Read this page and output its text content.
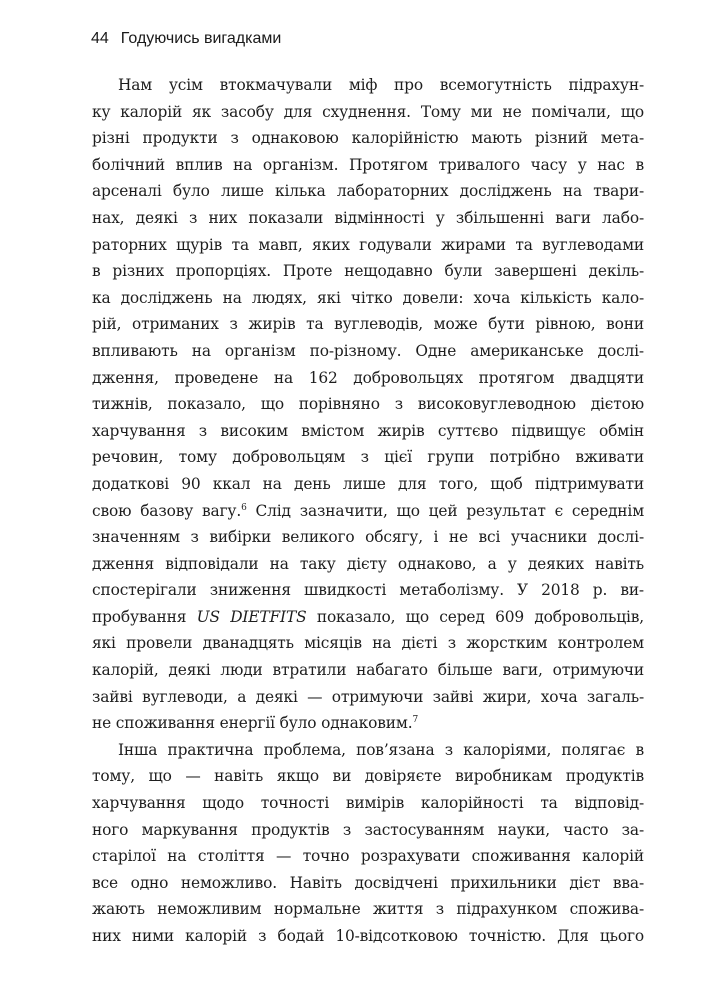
44 Годуючись вигадками
Нам усім втокмачували міф про всемогутність підрахун-
ку калорій як засобу для схуднення. Тому ми не помічали, що
різні продукти з однаковою калорійністю мають різний мета-
болічний вплив на організм. Протягом тривалого часу у нас в
арсеналі було лише кілька лабораторних досліджень на твари-
нах, деякі з них показали відмінності у збільшенні ваги лабо-
раторних щурів та мавп, яких годували жирами та вуглеводами
в різних пропорціях. Проте нещодавно були завершені декіль-
ка досліджень на людях, які чітко довели: хоча кількість кало-
рій, отриманих з жирів та вуглеводів, може бути рівною, вони
впливають на організм по-різному. Одне американське дослі-
дження, проведене на 162 добровольцях протягом двадцяти
тижнів, показало, що порівняно з високовуглеводною дієтою
харчування з високим вмістом жирів суттєво підвищує обмін
речовин, тому добровольцям з цієї групи потрібно вживати
додаткові 90 ккал на день лише для того, щоб підтримувати
свою базову вагу.$^6$ Слід зазначити, що цей результат є середнім
значенням з вибірки великого обсягу, і не всі учасники дослі-
дження відповідали на таку дієту однаково, а у деяких навіть
спостерігали зниження швидкості метаболізму. У 2018 р. ви-
пробування US DIETFITS показало, що серед 609 добровольців,
які провели дванадцять місяців на дієті з жорстким контролем
калорій, деякі люди втратили набагато більше ваги, отримуючи
зайві вуглеводи, а деякі — отримуючи зайві жири, хоча загаль-
не споживання енергії було однаковим.$^7$
Інша практична проблема, пов’язана з калоріями, полягає в
тому, що — навіть якщо ви довіряєте виробникам продуктів
харчування щодо точності вимірів калорійності та відповід-
ного маркування продуктів з застосуванням науки, часто за-
старілої на століття — точно розрахувати споживання калорій
все одно неможливо. Навіть досвідчені прихильники дієт вва-
жають неможливим нормальне життя з підрахунком спожива-
них ними калорій з бодай 10-відсотковою точністю. Для цього
